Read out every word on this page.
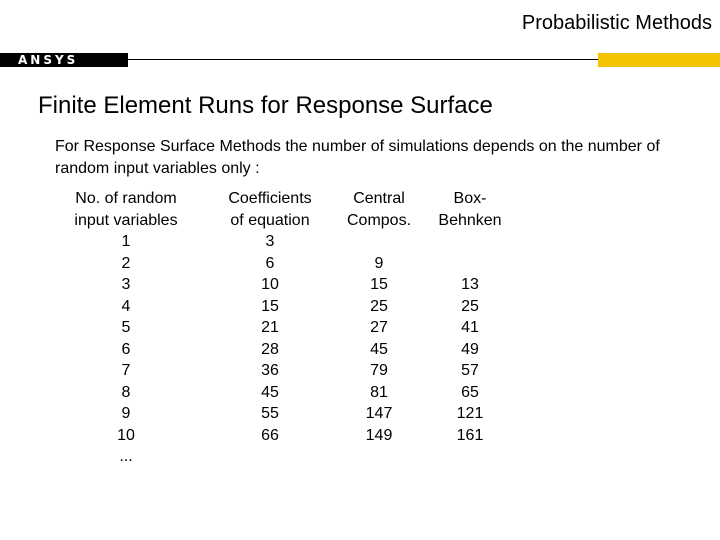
Probabilistic Methods
ANSYS
Finite Element Runs for Response Surface
For Response Surface Methods the number of simulations depends on the number of random input variables only :
No. of random
input variables
1
2
3
4
5
6
7
8
9
10
...
Coefficients
of equation
3
6
10
15
21
28
36
45
55
66
Central
Compos.
9
15
25
27
45
79
81
147
149
Box-
Behnken
13
25
41
49
57
65
121
161
